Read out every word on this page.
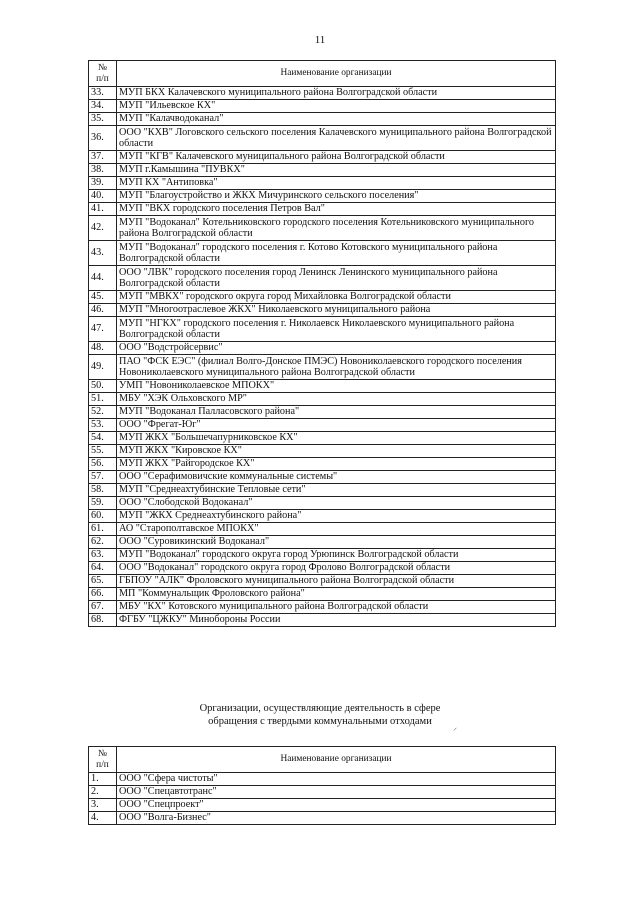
11
№
п/п	Наименование организации
33.	МУП БКХ Калачевского муниципального района Волгоградской области
34.	МУП "Ильевское КХ"
35.	МУП "Калачводоканал"
36.	ООО "КХВ" Логовского сельского поселения Калачевского муниципального района Волгоградской области
37.	МУП "КГВ" Калачевского муниципального района Волгоградской области
38.	МУП г.Камышина "ПУВКХ"
39.	МУП КХ "Антиповка"
40.	МУП "Благоустройство и ЖКХ Мичуринского сельского поселения"
41.	МУП "ВКХ городского поселения Петров Вал"
42.	МУП "Водоканал" Котельниковского городского поселения Котельниковского муниципального района Волгоградской области
43.	МУП "Водоканал" городского поселения г. Котово Котовского муниципального района Волгоградской области
44.	ООО "ЛВК" городского поселения город Ленинск Ленинского муниципального района Волгоградской области
45.	МУП "МВКХ" городского округа город Михайловка Волгоградской области
46.	МУП "Многоотраслевое ЖКХ" Николаевского муниципального района
47.	МУП "НГКХ" городского поселения г. Николаевск Николаевского муниципального района Волгоградской области
48.	ООО "Водстройсервис"
49.	ПАО "ФСК ЕЭС" (филиал Волго-Донское ПМЭС) Новониколаевского городского поселения Новониколаевского муниципального района Волгоградской области
50.	УМП "Новониколаевское МПОКХ"
51.	МБУ "ХЭК Ольховского МР"
52.	МУП "Водоканал Палласовского района"
53.	ООО "Фрегат-Юг"
54.	МУП ЖКХ "Большечапурниковское КХ"
55.	МУП ЖКХ "Кировское КХ"
56.	МУП ЖКХ "Райгородское КХ"
57.	ООО "Серафимовичские коммунальные системы"
58.	МУП "Среднеахтубинские Тепловые сети"
59.	ООО "Слободской Водоканал"
60.	МУП "ЖКХ Среднеахтубинского района"
61.	АО "Старополтавское МПОКХ"
62.	ООО "Суровикинский Водоканал"
63.	МУП "Водоканал" городского округа город Урюпинск Волгоградской области
64.	ООО "Водоканал" городского округа город Фролово Волгоградской области
65.	ГБПОУ "АЛК" Фроловского муниципального района Волгоградской области
66.	МП "Коммунальщик Фроловского района"
67.	МБУ "КХ" Котовского муниципального района Волгоградской области
68.	ФГБУ "ЦЖКУ" Минобороны России

Организации, осуществляющие деятельность в сфере

обращения с твердыми коммунальными отходами

№
п/п	Наименование организации
1.	ООО "Сфера чистоты"
2.	ООО "Спецавтотранс"
3.	ООО "Спецпроект"
4.	ООО "Волга-Бизнес"
⸝
